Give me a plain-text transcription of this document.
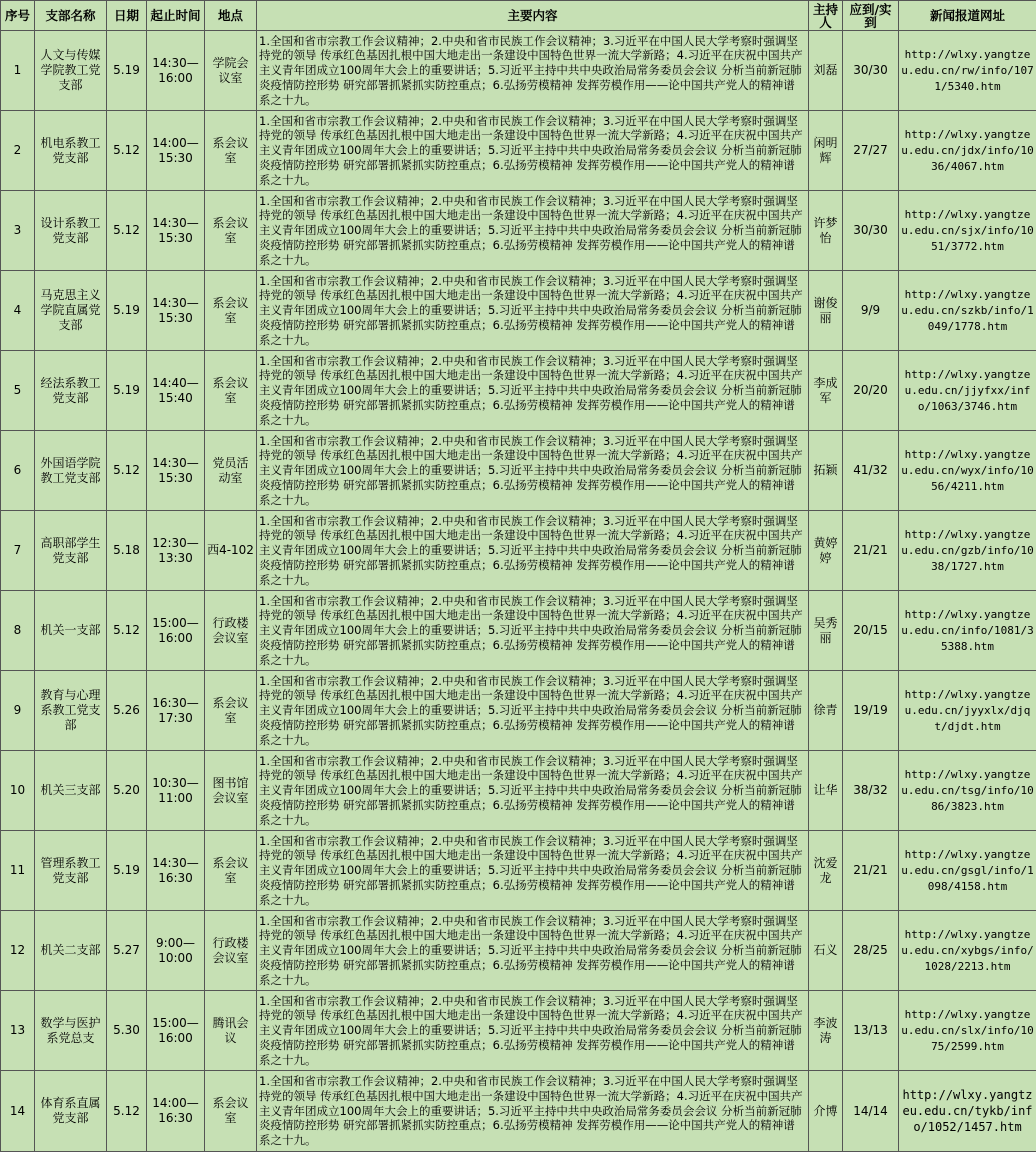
序号	支部名称	日期	起止时间	地点	主要内容	主持人	应到/实到	新闻报道网址
1	人文与传媒学院教工党支部	5.19	14:30—16:00	学院会议室	1.全国和省市宗教工作会议精神；2.中央和省市民族工作会议精神；3.习近平在中国人民大学考察时强调坚持党的领导 传承红色基因扎根中国大地走出一条建设中国特色世界一流大学新路；4.习近平在庆祝中国共产主义青年团成立100周年大会上的重要讲话；5.习近平主持中共中央政治局常务委员会会议 分析当前新冠肺炎疫情防控形势 研究部署抓紧抓实防控重点；6.弘扬劳模精神 发挥劳模作用——论中国共产党人的精神谱系之十九。	刘磊	30/30	http://wlxy.yangtzeu.edu.cn/rw/info/1071/5340.htm
2	机电系教工党支部	5.12	14:00—15:30	系会议室	1.全国和省市宗教工作会议精神；2.中央和省市民族工作会议精神；3.习近平在中国人民大学考察时强调坚持党的领导 传承红色基因扎根中国大地走出一条建设中国特色世界一流大学新路；4.习近平在庆祝中国共产主义青年团成立100周年大会上的重要讲话；5.习近平主持中共中央政治局常务委员会会议 分析当前新冠肺炎疫情防控形势 研究部署抓紧抓实防控重点；6.弘扬劳模精神 发挥劳模作用——论中国共产党人的精神谱系之十九。	闲明辉	27/27	http://wlxy.yangtzeu.edu.cn/jdx/info/1036/4067.htm
3	设计系教工党支部	5.12	14:30—15:30	系会议室	1.全国和省市宗教工作会议精神；2.中央和省市民族工作会议精神；3.习近平在中国人民大学考察时强调坚持党的领导 传承红色基因扎根中国大地走出一条建设中国特色世界一流大学新路；4.习近平在庆祝中国共产主义青年团成立100周年大会上的重要讲话；5.习近平主持中共中央政治局常务委员会会议 分析当前新冠肺炎疫情防控形势 研究部署抓紧抓实防控重点；6.弘扬劳模精神 发挥劳模作用——论中国共产党人的精神谱系之十九。	许梦怡	30/30	http://wlxy.yangtzeu.edu.cn/sjx/info/1051/3772.htm
4	马克思主义学院直属党支部	5.19	14:30—15:30	系会议室	1.全国和省市宗教工作会议精神；2.中央和省市民族工作会议精神；3.习近平在中国人民大学考察时强调坚持党的领导 传承红色基因扎根中国大地走出一条建设中国特色世界一流大学新路；4.习近平在庆祝中国共产主义青年团成立100周年大会上的重要讲话；5.习近平主持中共中央政治局常务委员会会议 分析当前新冠肺炎疫情防控形势 研究部署抓紧抓实防控重点；6.弘扬劳模精神 发挥劳模作用——论中国共产党人的精神谱系之十九。	谢俊丽	9/9	http://wlxy.yangtzeu.edu.cn/szkb/info/1049/1778.htm
5	经法系教工党支部	5.19	14:40—15:40	系会议室	1.全国和省市宗教工作会议精神；2.中央和省市民族工作会议精神；3.习近平在中国人民大学考察时强调坚持党的领导 传承红色基因扎根中国大地走出一条建设中国特色世界一流大学新路；4.习近平在庆祝中国共产主义青年团成立100周年大会上的重要讲话；5.习近平主持中共中央政治局常务委员会会议 分析当前新冠肺炎疫情防控形势 研究部署抓紧抓实防控重点；6.弘扬劳模精神 发挥劳模作用——论中国共产党人的精神谱系之十九。	李成军	20/20	http://wlxy.yangtzeu.edu.cn/jjyfxx/info/1063/3746.htm
6	外国语学院教工党支部	5.12	14:30—15:30	党员活动室	1.全国和省市宗教工作会议精神；2.中央和省市民族工作会议精神；3.习近平在中国人民大学考察时强调坚持党的领导 传承红色基因扎根中国大地走出一条建设中国特色世界一流大学新路；4.习近平在庆祝中国共产主义青年团成立100周年大会上的重要讲话；5.习近平主持中共中央政治局常务委员会会议 分析当前新冠肺炎疫情防控形势 研究部署抓紧抓实防控重点；6.弘扬劳模精神 发挥劳模作用——论中国共产党人的精神谱系之十九。	拓颖	41/32	http://wlxy.yangtzeu.edu.cn/wyx/info/1056/4211.htm
7	高职部学生党支部	5.18	12:30—13:30	西4-102	1.全国和省市宗教工作会议精神；2.中央和省市民族工作会议精神；3.习近平在中国人民大学考察时强调坚持党的领导 传承红色基因扎根中国大地走出一条建设中国特色世界一流大学新路；4.习近平在庆祝中国共产主义青年团成立100周年大会上的重要讲话；5.习近平主持中共中央政治局常务委员会会议 分析当前新冠肺炎疫情防控形势 研究部署抓紧抓实防控重点；6.弘扬劳模精神 发挥劳模作用——论中国共产党人的精神谱系之十九。	黄婷婷	21/21	http://wlxy.yangtzeu.edu.cn/gzb/info/1038/1727.htm
8	机关一支部	5.12	15:00—16:00	行政楼会议室	1.全国和省市宗教工作会议精神；2.中央和省市民族工作会议精神；3.习近平在中国人民大学考察时强调坚持党的领导 传承红色基因扎根中国大地走出一条建设中国特色世界一流大学新路；4.习近平在庆祝中国共产主义青年团成立100周年大会上的重要讲话；5.习近平主持中共中央政治局常务委员会会议 分析当前新冠肺炎疫情防控形势 研究部署抓紧抓实防控重点；6.弘扬劳模精神 发挥劳模作用——论中国共产党人的精神谱系之十九。	吴秀丽	20/15	http://wlxy.yangtzeu.edu.cn/info/1081/35388.htm
9	教育与心理系教工党支部	5.26	16:30—17:30	系会议室	1.全国和省市宗教工作会议精神；2.中央和省市民族工作会议精神；3.习近平在中国人民大学考察时强调坚持党的领导 传承红色基因扎根中国大地走出一条建设中国特色世界一流大学新路；4.习近平在庆祝中国共产主义青年团成立100周年大会上的重要讲话；5.习近平主持中共中央政治局常务委员会会议 分析当前新冠肺炎疫情防控形势 研究部署抓紧抓实防控重点；6.弘扬劳模精神 发挥劳模作用——论中国共产党人的精神谱系之十九。	徐青	19/19	http://wlxy.yangtzeu.edu.cn/jyyxlx/djqt/djdt.htm
10	机关三支部	5.20	10:30—11:00	图书馆会议室	1.全国和省市宗教工作会议精神；2.中央和省市民族工作会议精神；3.习近平在中国人民大学考察时强调坚持党的领导 传承红色基因扎根中国大地走出一条建设中国特色世界一流大学新路；4.习近平在庆祝中国共产主义青年团成立100周年大会上的重要讲话；5.习近平主持中共中央政治局常务委员会会议 分析当前新冠肺炎疫情防控形势 研究部署抓紧抓实防控重点；6.弘扬劳模精神 发挥劳模作用——论中国共产党人的精神谱系之十九。	让华	38/32	http://wlxy.yangtzeu.edu.cn/tsg/info/1086/3823.htm
11	管理系教工党支部	5.19	14:30—16:30	系会议室	1.全国和省市宗教工作会议精神；2.中央和省市民族工作会议精神；3.习近平在中国人民大学考察时强调坚持党的领导 传承红色基因扎根中国大地走出一条建设中国特色世界一流大学新路；4.习近平在庆祝中国共产主义青年团成立100周年大会上的重要讲话；5.习近平主持中共中央政治局常务委员会会议 分析当前新冠肺炎疫情防控形势 研究部署抓紧抓实防控重点；6.弘扬劳模精神 发挥劳模作用——论中国共产党人的精神谱系之十九。	沈爱龙	21/21	http://wlxy.yangtzeu.edu.cn/gsgl/info/1098/4158.htm
12	机关二支部	5.27	9:00—10:00	行政楼会议室	1.全国和省市宗教工作会议精神；2.中央和省市民族工作会议精神；3.习近平在中国人民大学考察时强调坚持党的领导 传承红色基因扎根中国大地走出一条建设中国特色世界一流大学新路；4.习近平在庆祝中国共产主义青年团成立100周年大会上的重要讲话；5.习近平主持中共中央政治局常务委员会会议 分析当前新冠肺炎疫情防控形势 研究部署抓紧抓实防控重点；6.弘扬劳模精神 发挥劳模作用——论中国共产党人的精神谱系之十九。	石义	28/25	http://wlxy.yangtzeu.edu.cn/xybgs/info/1028/2213.htm
13	数学与医护系党总支	5.30	15:00—16:00	腾讯会议	1.全国和省市宗教工作会议精神；2.中央和省市民族工作会议精神；3.习近平在中国人民大学考察时强调坚持党的领导 传承红色基因扎根中国大地走出一条建设中国特色世界一流大学新路；4.习近平在庆祝中国共产主义青年团成立100周年大会上的重要讲话；5.习近平主持中共中央政治局常务委员会会议 分析当前新冠肺炎疫情防控形势 研究部署抓紧抓实防控重点；6.弘扬劳模精神 发挥劳模作用——论中国共产党人的精神谱系之十九。	李波涛	13/13	http://wlxy.yangtzeu.edu.cn/slx/info/1075/2599.htm
14	体育系直属党支部	5.12	14:00—16:30	系会议室	1.全国和省市宗教工作会议精神；2.中央和省市民族工作会议精神；3.习近平在中国人民大学考察时强调坚持党的领导 传承红色基因扎根中国大地走出一条建设中国特色世界一流大学新路；4.习近平在庆祝中国共产主义青年团成立100周年大会上的重要讲话；5.习近平主持中共中央政治局常务委员会会议 分析当前新冠肺炎疫情防控形势 研究部署抓紧抓实防控重点；6.弘扬劳模精神 发挥劳模作用——论中国共产党人的精神谱系之十九。	介博	14/14	http://wlxy.yangtzeu.edu.cn/tykb/info/1052/1457.htm
